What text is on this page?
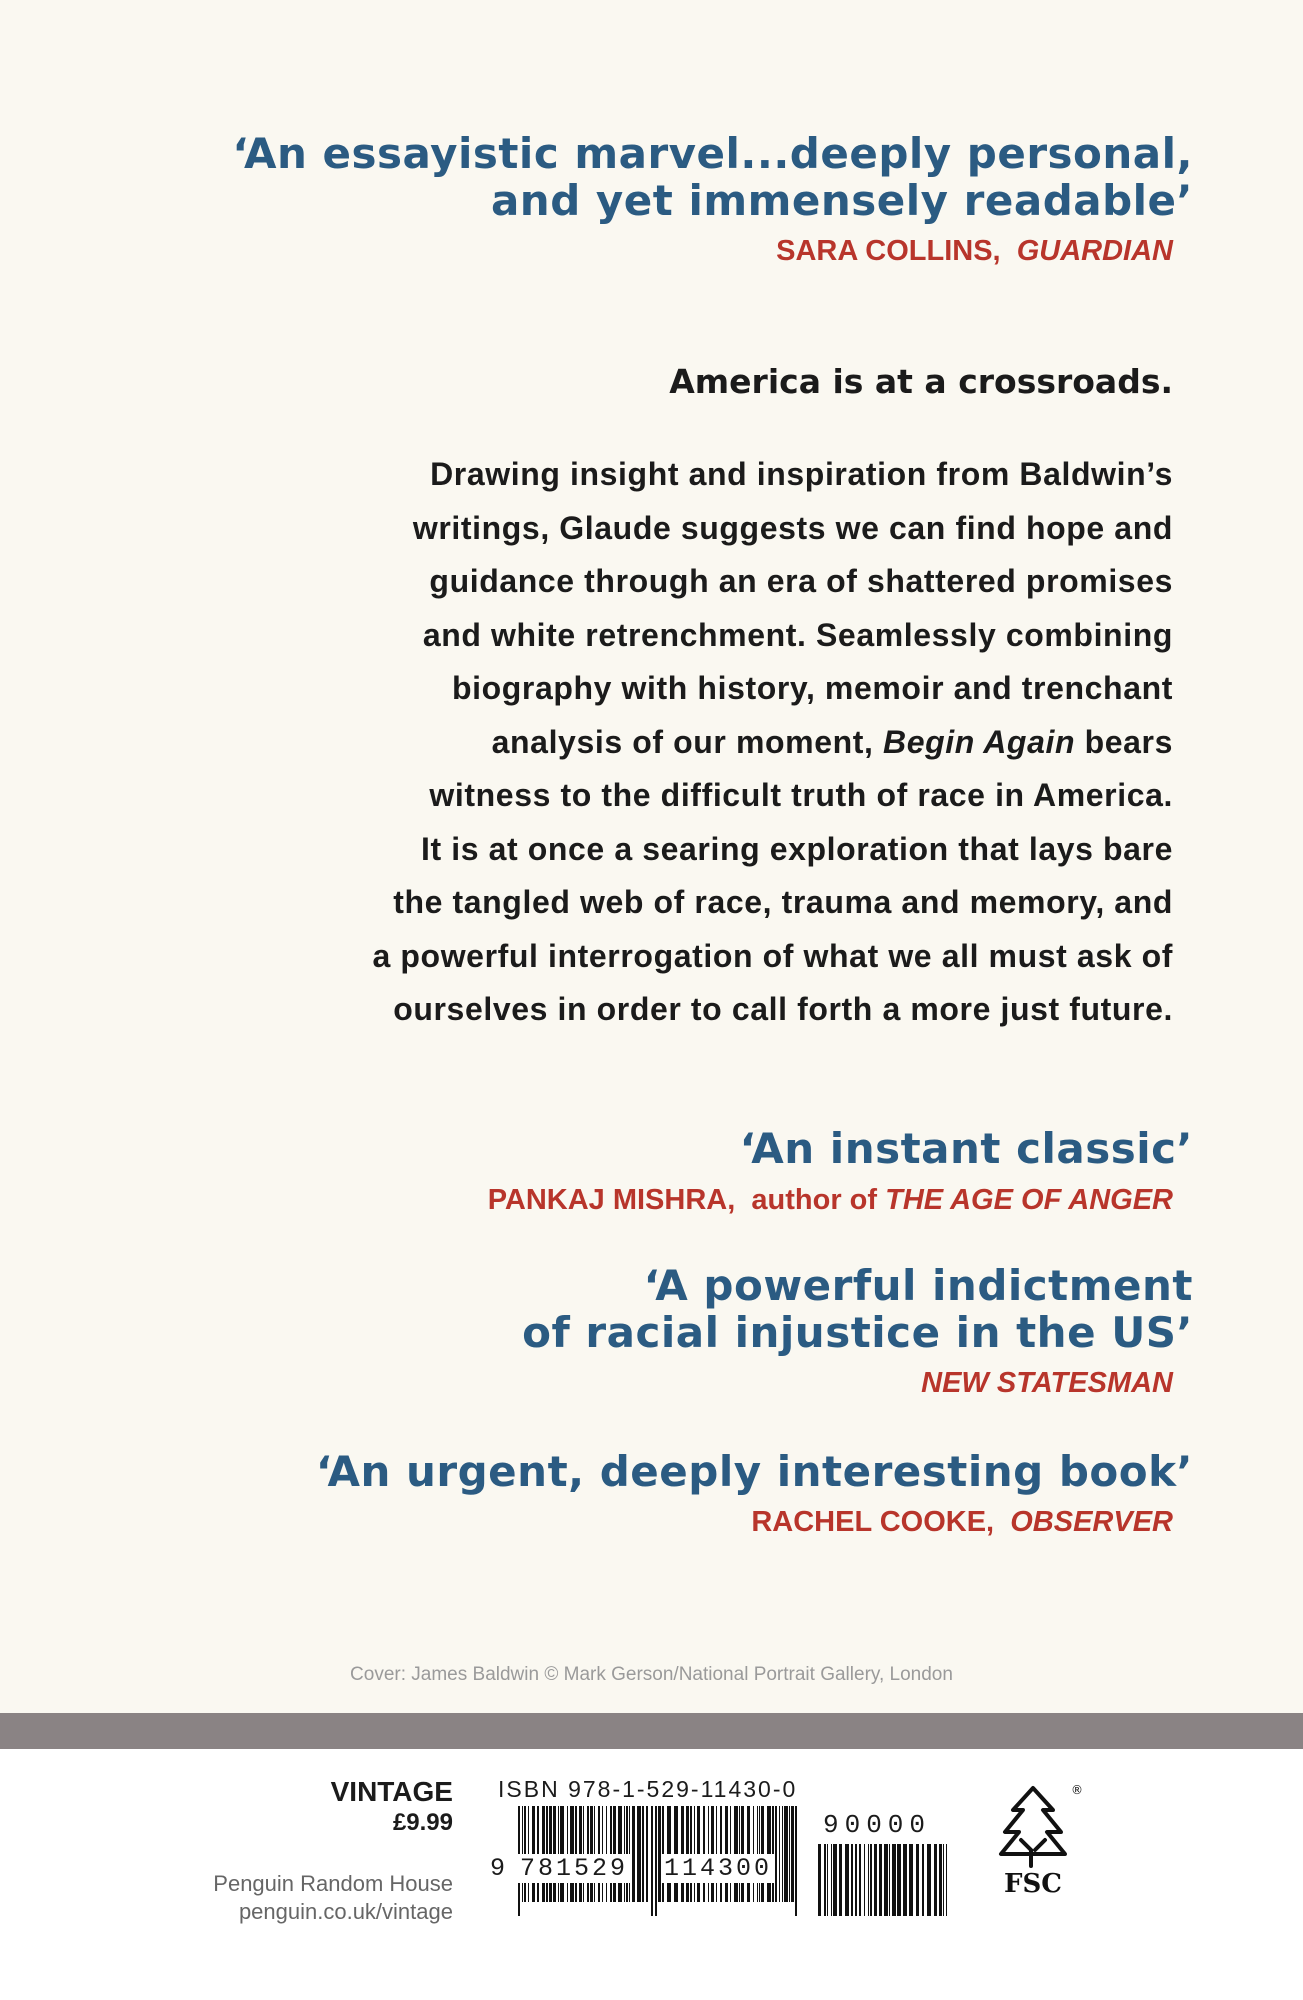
‘An essayistic marvel...deeply personal,
and yet immensely readable’
SARA COLLINS, GUARDIAN
America is at a crossroads.
Drawing insight and inspiration from Baldwin’s
writings, Glaude suggests we can find hope and
guidance through an era of shattered promises
and white retrenchment. Seamlessly combining
biography with history, memoir and trenchant
analysis of our moment, Begin Again bears
witness to the difficult truth of race in America.
It is at once a searing exploration that lays bare
the tangled web of race, trauma and memory, and
a powerful interrogation of what we all must ask of
ourselves in order to call forth a more just future.
‘An instant classic’
PANKAJ MISHRA, author of THE AGE OF ANGER
‘A powerful indictment
of racial injustice in the US’
NEW STATESMAN
‘An urgent, deeply interesting book’
RACHEL COOKE, OBSERVER
Cover: James Baldwin © Mark Gerson/National Portrait Gallery, London
VINTAGE
£9.99
Penguin Random House
penguin.co.uk/vintage
ISBN 978-1-529-11430-0
9 781529 114300
90000
FSC
®
